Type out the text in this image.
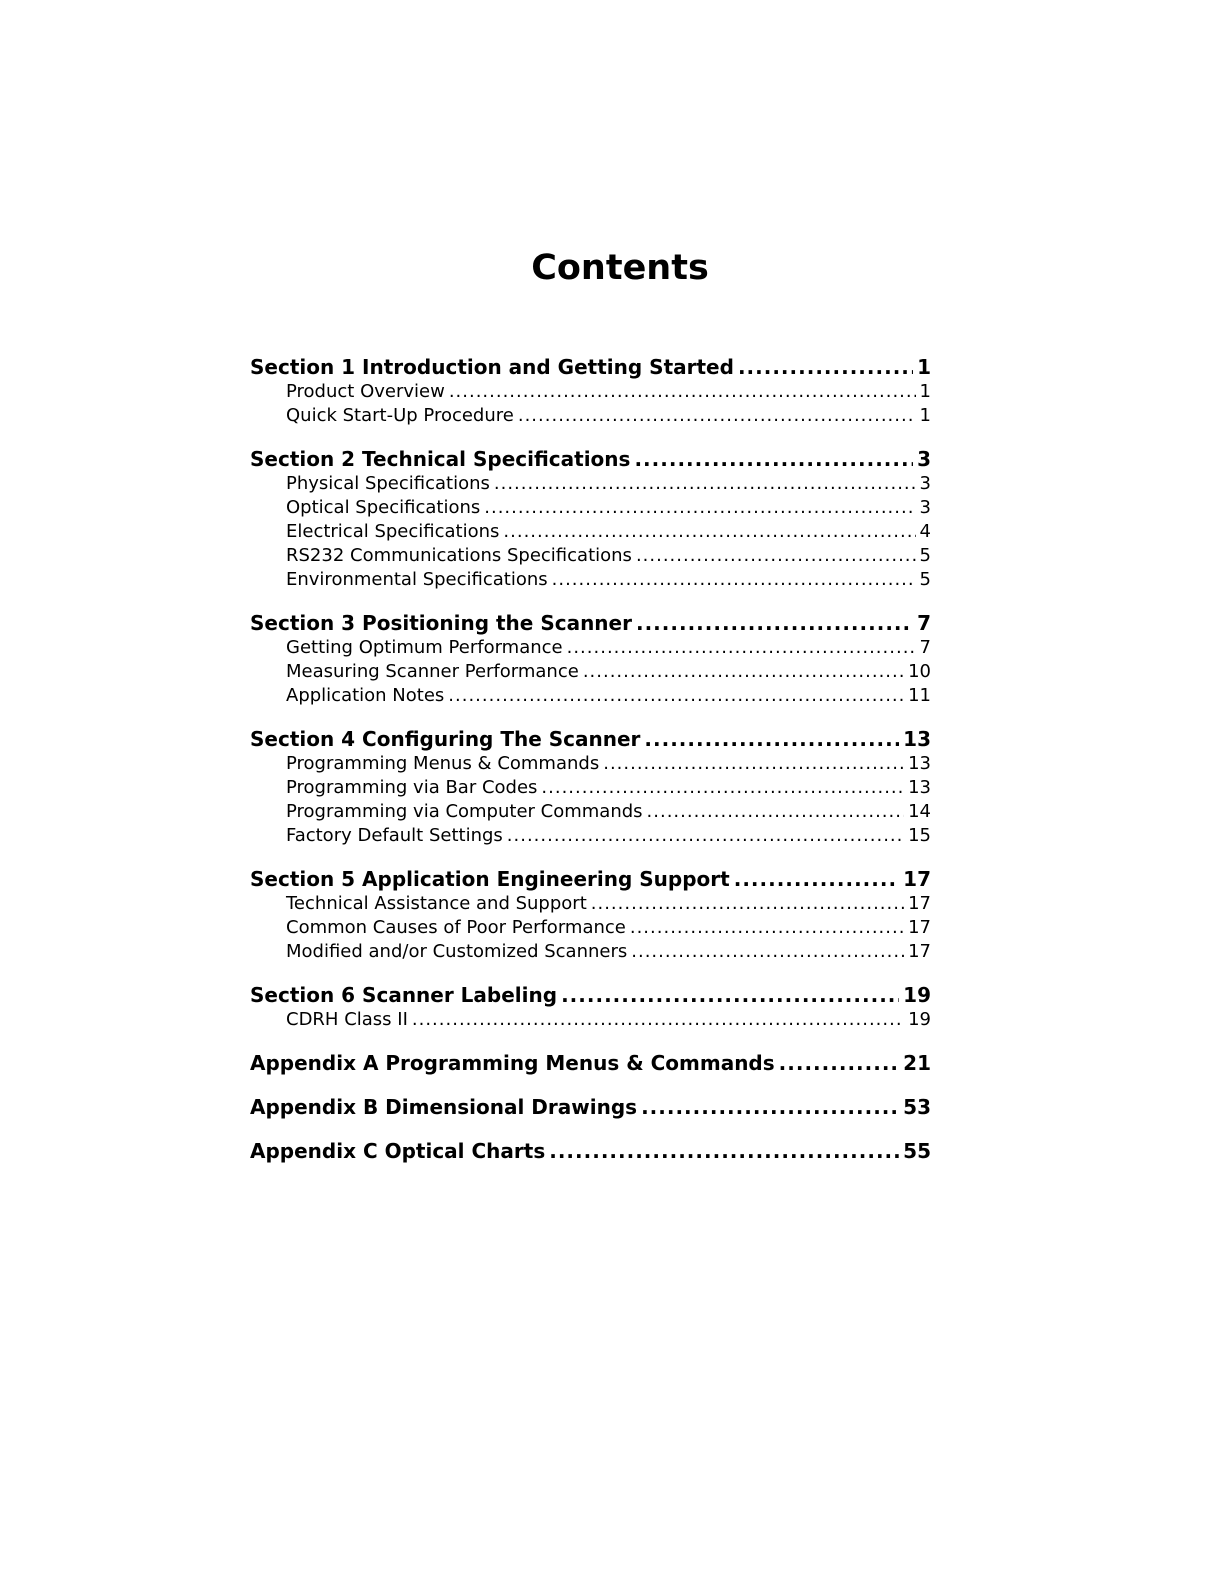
Contents
Section 1 Introduction and Getting Started .....	1
Product Overview .....	1
Quick Start-Up Procedure .....	1
Section 2 Technical Specifications .....	3
Physical Specifications .....	3
Optical Specifications .....	3
Electrical Specifications .....	4
RS232 Communications Specifications .....	5
Environmental Specifications .....	5
Section 3 Positioning the Scanner .....	7
Getting Optimum Performance .....	7
Measuring Scanner Performance .....	10
Application Notes .....	11
Section 4 Configuring The Scanner .....	13
Programming Menus & Commands .....	13
Programming via Bar Codes .....	13
Programming via Computer Commands .....	14
Factory Default Settings .....	15
Section 5 Application Engineering Support .....	17
Technical Assistance and Support .....	17
Common Causes of Poor Performance .....	17
Modified and/or Customized Scanners .....	17
Section 6 Scanner Labeling .....	19
CDRH Class II .....	19
Appendix A Programming Menus & Commands .....	21
Appendix B Dimensional Drawings .....	53
Appendix C Optical Charts .....	55
